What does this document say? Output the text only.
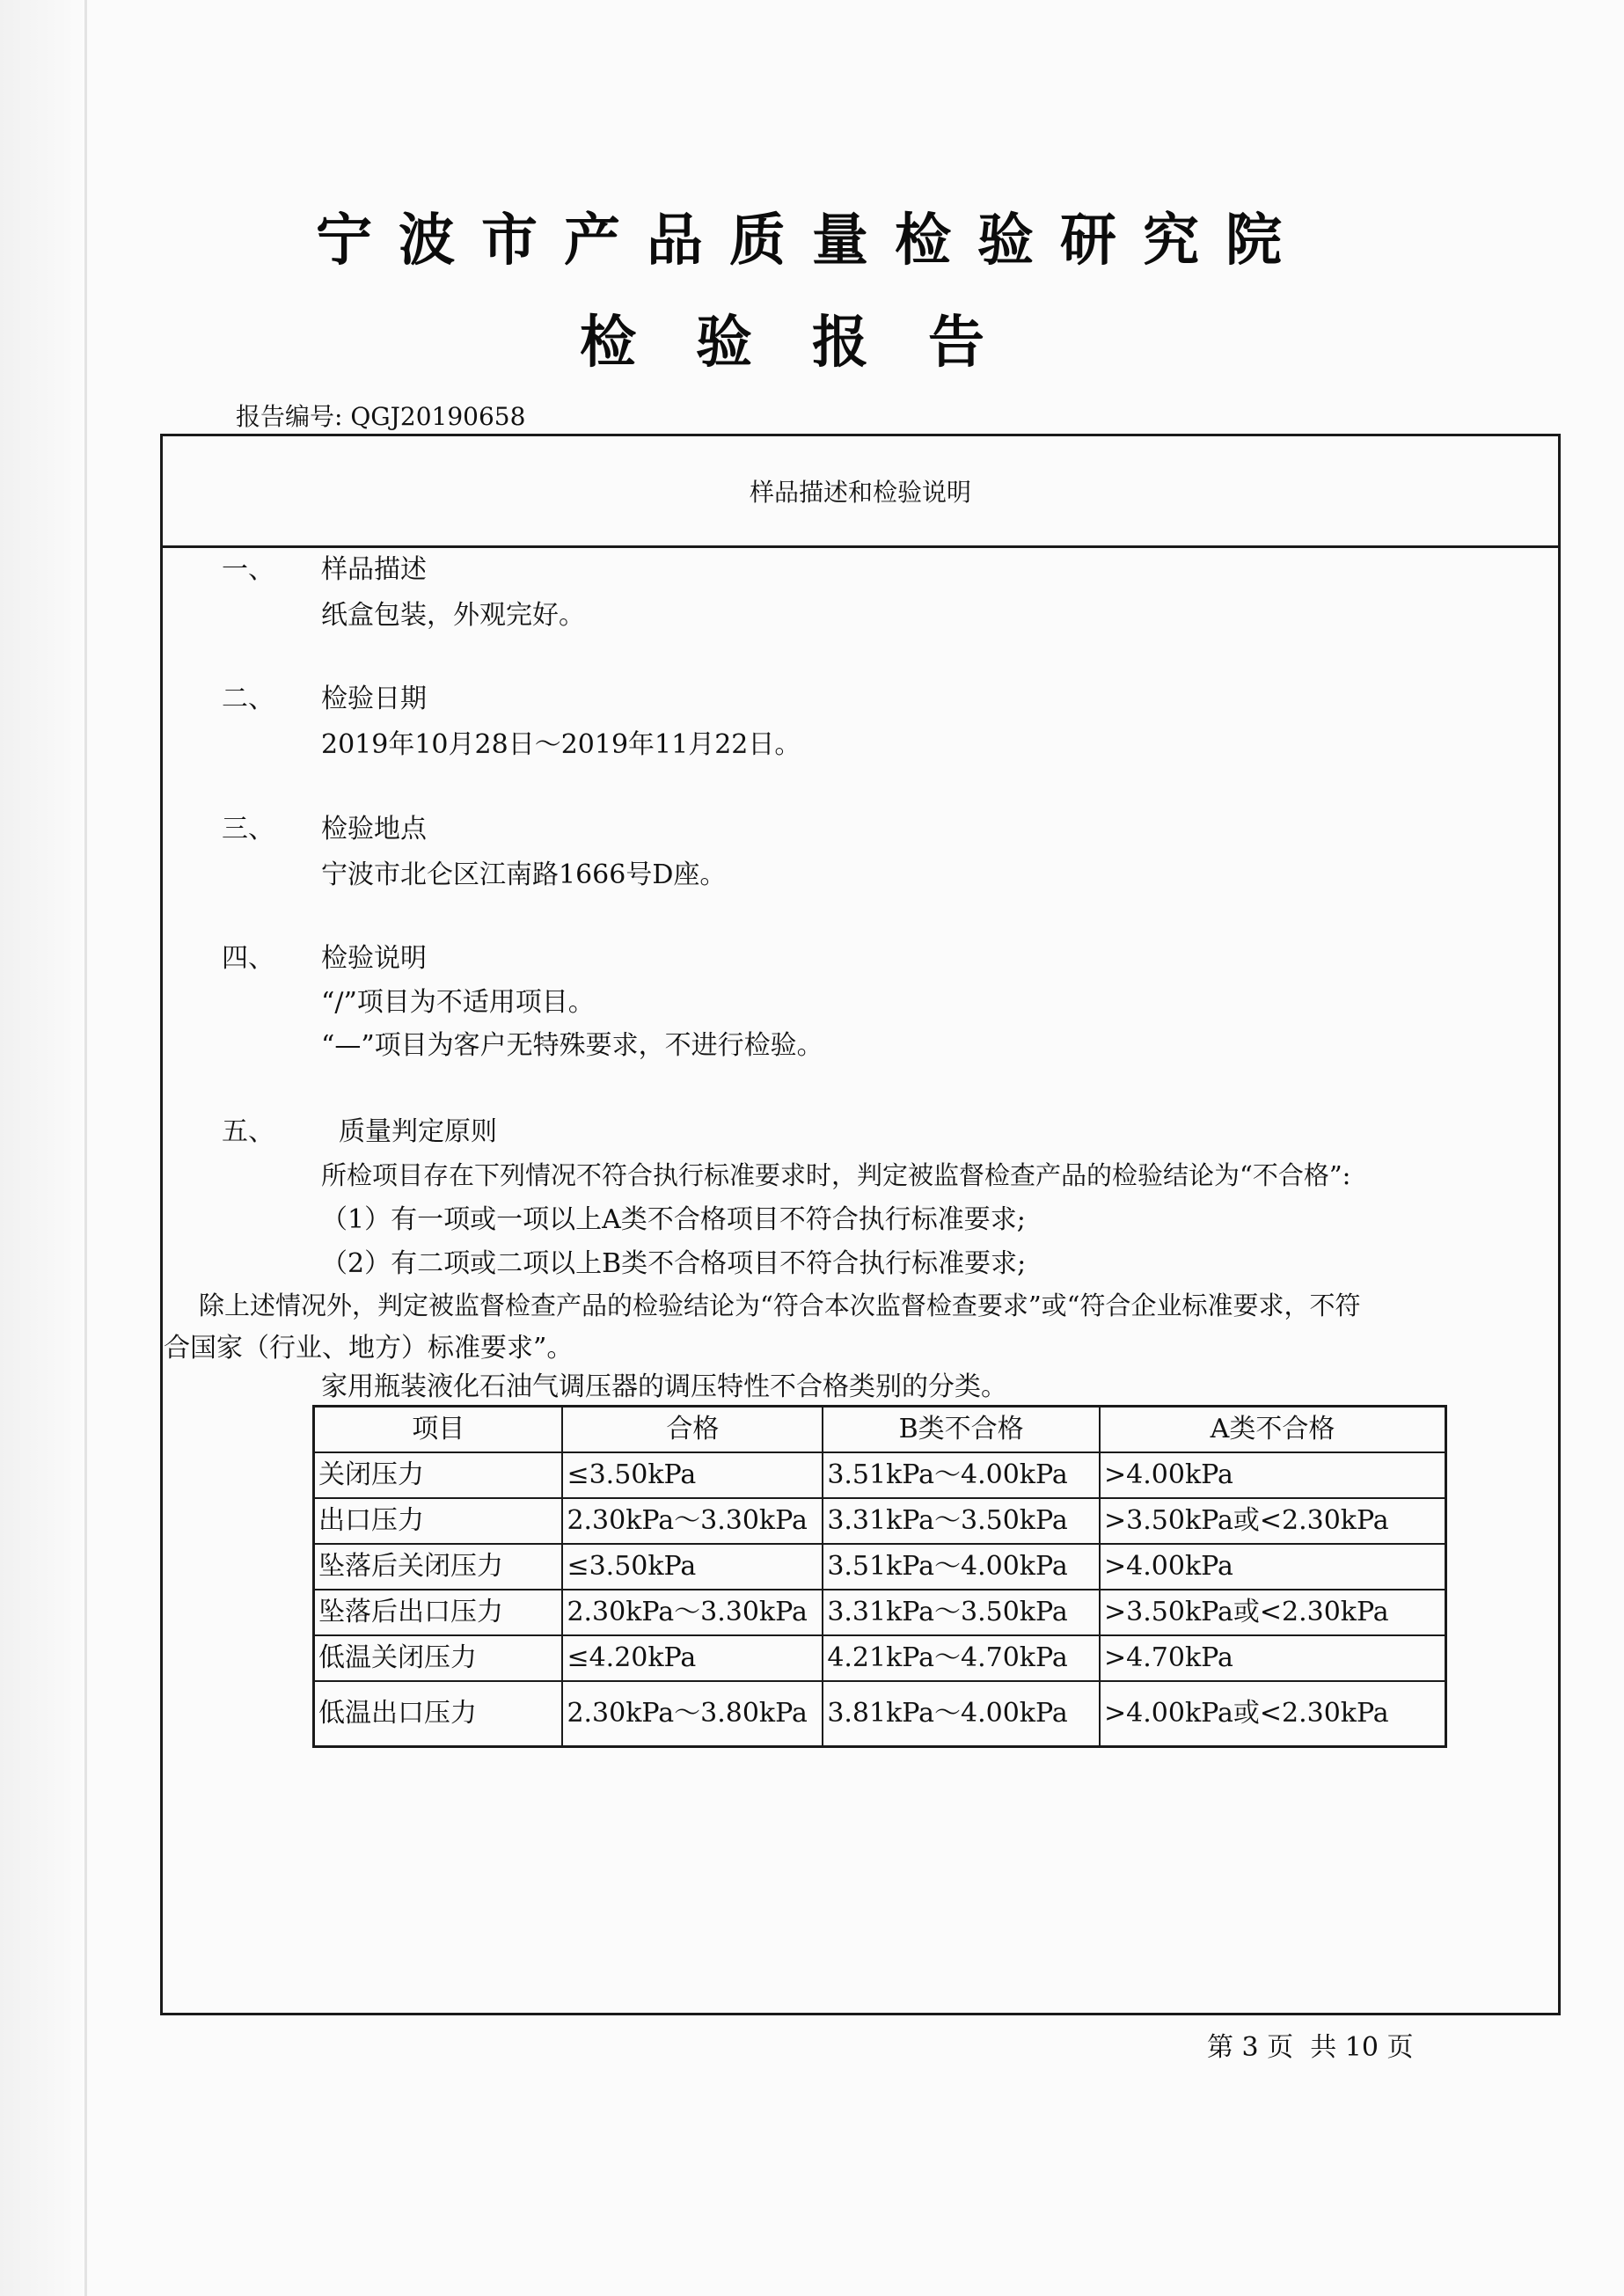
宁波市产品质量检验研究院
检验报告
报告编号: QGJ20190658
样品描述和检验说明
一、 样品描述
纸盒包装，外观完好。
二、 检验日期
2019年10月28日～2019年11月22日。
三、 检验地点
宁波市北仑区江南路1666号D座。
四、 检验说明
“/”项目为不适用项目。
“—”项目为客户无特殊要求，不进行检验。
五、 质量判定原则
所检项目存在下列情况不符合执行标准要求时，判定被监督检查产品的检验结论为“不合格”:
（1）有一项或一项以上A类不合格项目不符合执行标准要求;
（2）有二项或二项以上B类不合格项目不符合执行标准要求;
除上述情况外，判定被监督检查产品的检验结论为“符合本次监督检查要求”或“符合企业标准要求，不符
合国家（行业、地方）标准要求”。
家用瓶装液化石油气调压器的调压特性不合格类别的分类。
项目	合格	B类不合格	A类不合格
关闭压力	≤3.50kPa	3.51kPa～4.00kPa	>4.00kPa
出口压力	2.30kPa～3.30kPa	3.31kPa～3.50kPa	>3.50kPa或<2.30kPa
坠落后关闭压力	≤3.50kPa	3.51kPa～4.00kPa	>4.00kPa
坠落后出口压力	2.30kPa～3.30kPa	3.31kPa～3.50kPa	>3.50kPa或<2.30kPa
低温关闭压力	≤4.20kPa	4.21kPa～4.70kPa	>4.70kPa
低温出口压力	2.30kPa～3.80kPa	3.81kPa～4.00kPa	>4.00kPa或<2.30kPa
第 3 页  共 10 页
